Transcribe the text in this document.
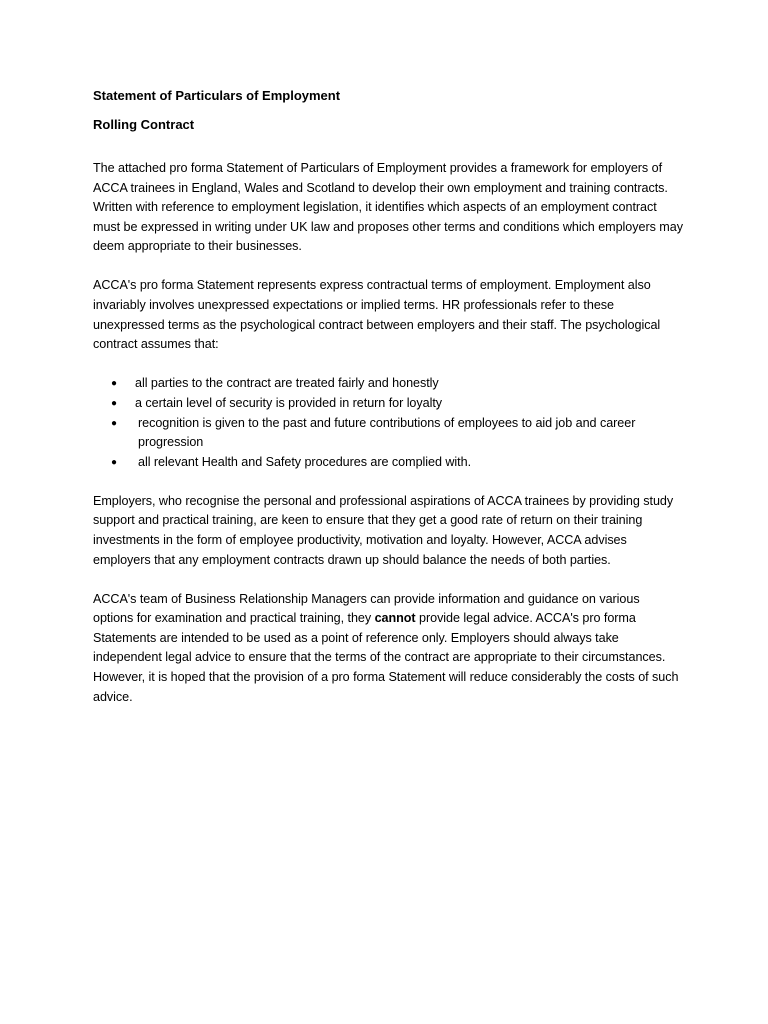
Statement of Particulars of Employment

Rolling Contract

The attached pro forma Statement of Particulars of Employment provides a framework for employers of ACCA trainees in England, Wales and Scotland to develop their own employment and training contracts. Written with reference to employment legislation, it identifies which aspects of an employment contract must be expressed in writing under UK law and proposes other terms and conditions which employers may deem appropriate to their businesses.

ACCA's pro forma Statement represents express contractual terms of employment. Employment also invariably involves unexpressed expectations or implied terms. HR professionals refer to these unexpressed terms as the psychological contract between employers and their staff. The psychological contract assumes that:

● all parties to the contract are treated fairly and honestly
● a certain level of security is provided in return for loyalty
● recognition is given to the past and future contributions of employees to aid job and career progression
● all relevant Health and Safety procedures are complied with.

Employers, who recognise the personal and professional aspirations of ACCA trainees by providing study support and practical training, are keen to ensure that they get a good rate of return on their training investments in the form of employee productivity, motivation and loyalty. However, ACCA advises employers that any employment contracts drawn up should balance the needs of both parties.

ACCA's team of Business Relationship Managers can provide information and guidance on various options for examination and practical training, they cannot provide legal advice. ACCA's pro forma Statements are intended to be used as a point of reference only. Employers should always take independent legal advice to ensure that the terms of the contract are appropriate to their circumstances. However, it is hoped that the provision of a pro forma Statement will reduce considerably the costs of such advice.
